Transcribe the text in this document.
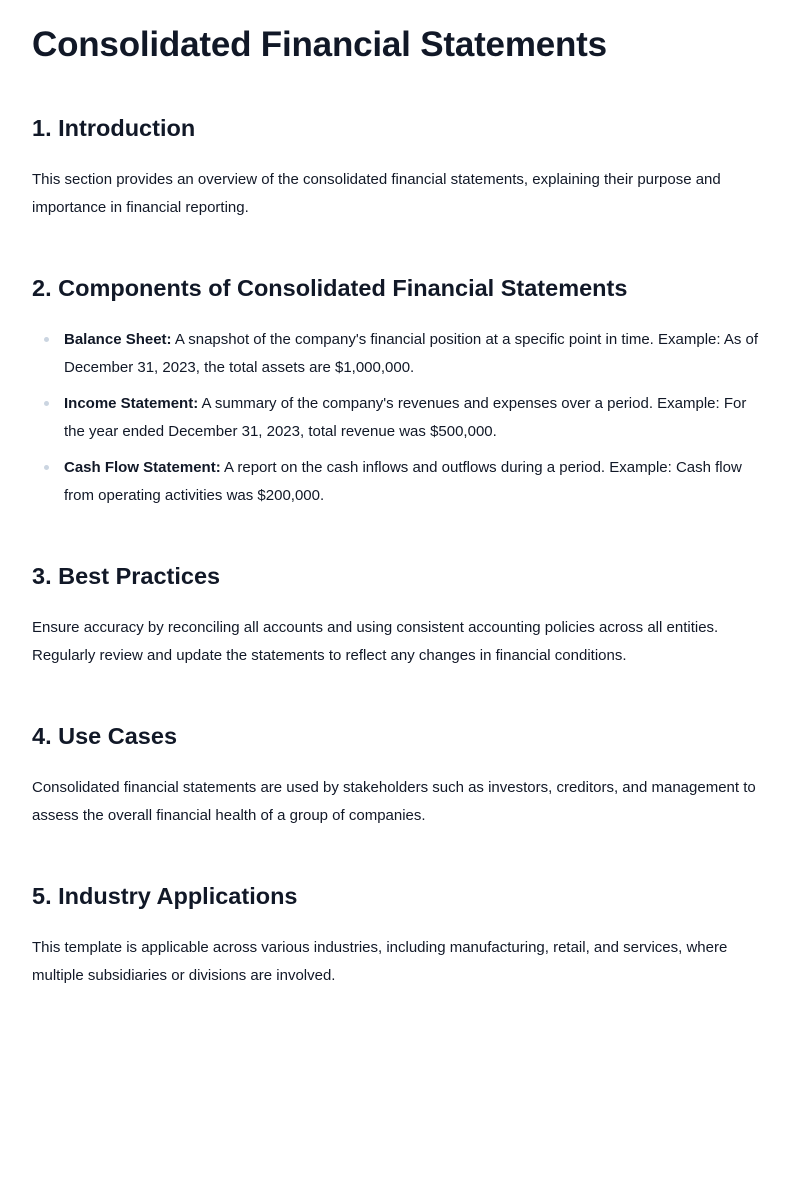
Consolidated Financial Statements
1. Introduction

This section provides an overview of the consolidated financial statements, explaining their purpose and importance in financial reporting.

2. Components of Consolidated Financial Statements
Balance Sheet: A snapshot of the company's financial position at a specific point in time. Example: As of December 31, 2023, the total assets are $1,000,000.
Income Statement: A summary of the company's revenues and expenses over a period. Example: For the year ended December 31, 2023, total revenue was $500,000.
Cash Flow Statement: A report on the cash inflows and outflows during a period. Example: Cash flow from operating activities was $200,000.
3. Best Practices

Ensure accuracy by reconciling all accounts and using consistent accounting policies across all entities. Regularly review and update the statements to reflect any changes in financial conditions.

4. Use Cases

Consolidated financial statements are used by stakeholders such as investors, creditors, and management to assess the overall financial health of a group of companies.

5. Industry Applications

This template is applicable across various industries, including manufacturing, retail, and services, where multiple subsidiaries or divisions are involved.
